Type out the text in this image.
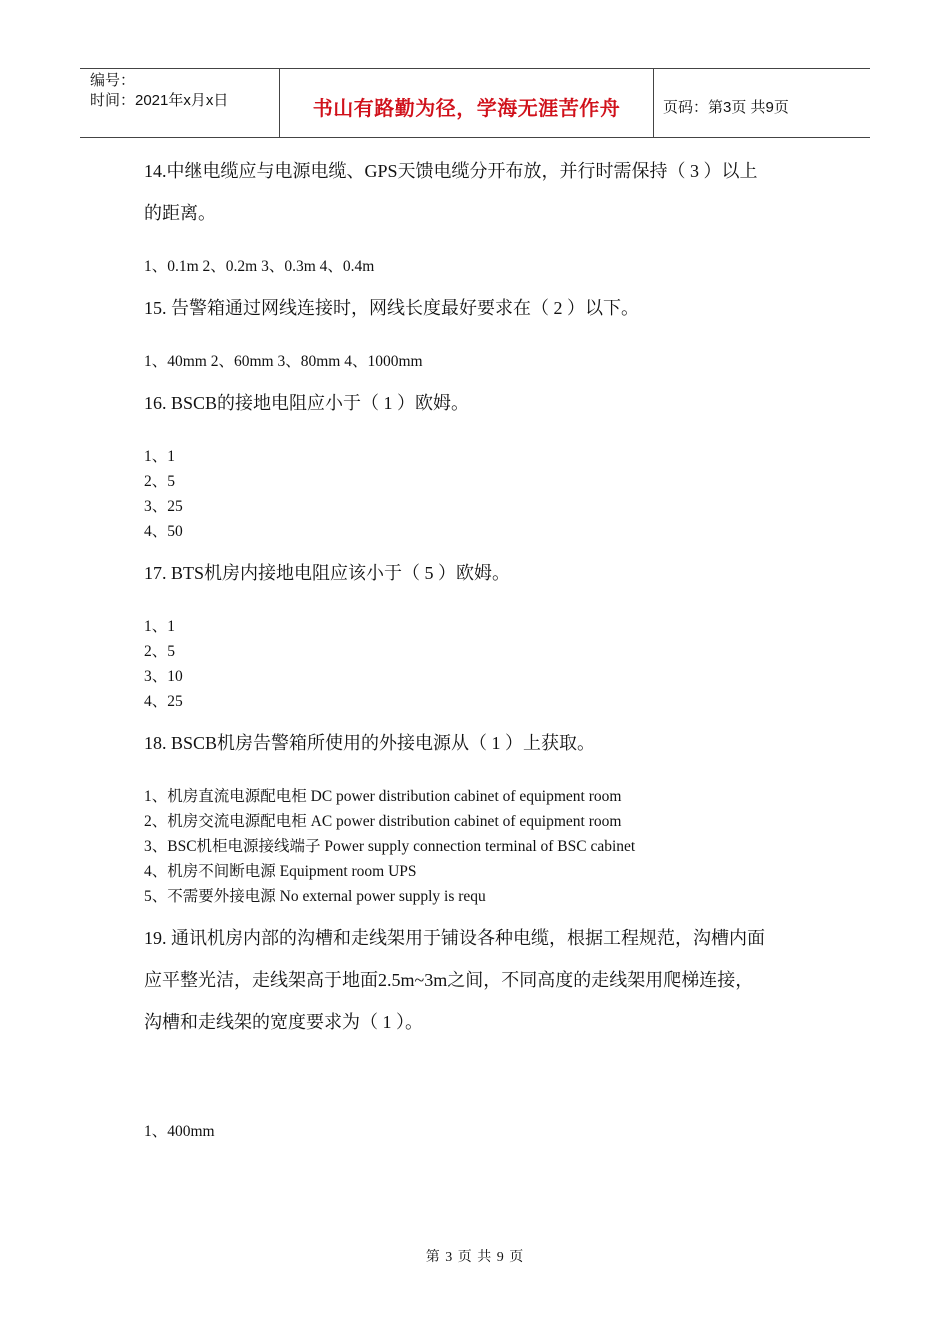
编号：
时间：2021年x月x日	书山有路勤为径，学海无涯苦作舟	页码：第3页 共9页

14.中继电缆应与电源电缆、GPS天馈电缆分开布放，并行时需保持（ 3 ）以上

的距离。

1、0.1m 2、0.2m 3、0.3m 4、0.4m

15. 告警箱通过网线连接时，网线长度最好要求在（ 2 ）以下。

1、40mm 2、60mm 3、80mm 4、1000mm

16. BSCB的接地电阻应小于（ 1 ）欧姆。

1、1

2、5

3、25

4、50

17. BTS机房内接地电阻应该小于（ 5 ）欧姆。

1、1

2、5

3、10

4、25

18. BSCB机房告警箱所使用的外接电源从（ 1 ）上获取。

1、机房直流电源配电柜 DC power distribution cabinet of equipment room

2、机房交流电源配电柜 AC power distribution cabinet of equipment room

3、BSC机柜电源接线端子 Power supply connection terminal of BSC cabinet

4、机房不间断电源 Equipment room UPS

5、不需要外接电源 No external power supply is requ

19. 通讯机房内部的沟槽和走线架用于铺设各种电缆，根据工程规范，沟槽内面

应平整光洁，走线架高于地面2.5m~3m之间，不同高度的走线架用爬梯连接，

沟槽和走线架的宽度要求为（ 1 ）。

1、400mm

第 3 页 共 9 页
